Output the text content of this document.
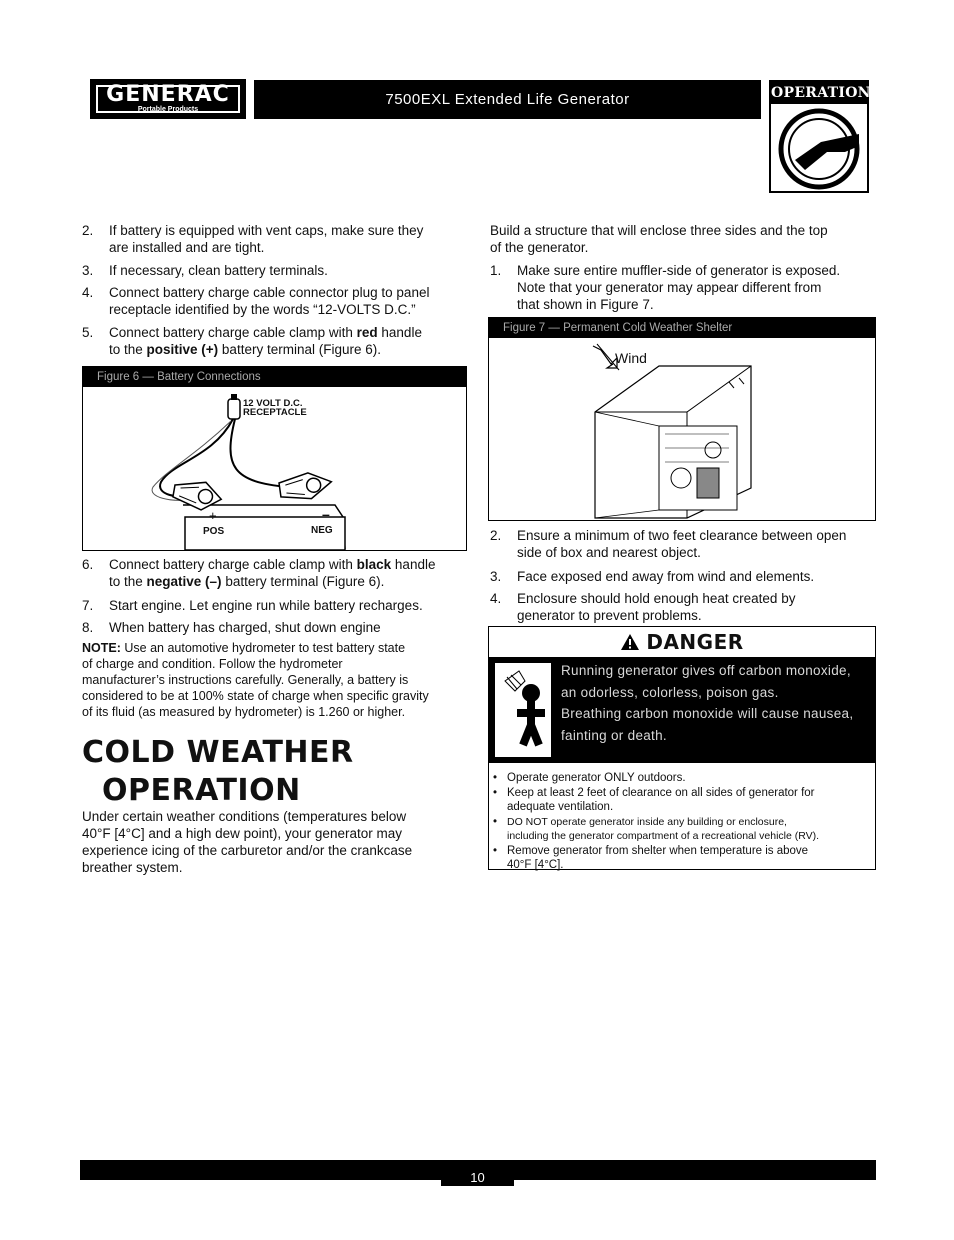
GENERAC
Portable Products
7500EXL Extended Life Generator	OPERATION
2. If battery is equipped with vent caps, make sure they
are installed and are tight.
3. If necessary, clean battery terminals.
4. Connect battery charge cable connector plug to panel
receptacle identified by the words “12-VOLTS D.C.”
5. Connect battery charge cable clamp with red handle
to the positive (+) battery terminal (Figure 6).
Figure 6 — Battery Connections
12 VOLT D.C.
RECEPTACLE
+	–
POS	NEG
6. Connect battery charge cable clamp with black handle
to the negative (–) battery terminal (Figure 6).
7. Start engine. Let engine run while battery recharges.
8. When battery has charged, shut down engine
NOTE: Use an automotive hydrometer to test battery state
of charge and condition. Follow the hydrometer
manufacturer’s instructions carefully. Generally, a battery is
considered to be at 100% state of charge when specific gravity
of its fluid (as measured by hydrometer) is 1.260 or higher.
COLD WEATHER
OPERATION
Under certain weather conditions (temperatures below
40°F [4°C] and a high dew point), your generator may
experience icing of the carburetor and/or the crankcase
breather system.
Build a structure that will enclose three sides and the top
of the generator.
1. Make sure entire muffler-side of generator is exposed.
Note that your generator may appear different from
that shown in Figure 7.
Figure 7 — Permanent Cold Weather Shelter
Wind
2. Ensure a minimum of two feet clearance between open
side of box and nearest object.
3. Face exposed end away from wind and elements.
4. Enclosure should hold enough heat created by
generator to prevent problems.
DANGER
Running generator gives off carbon monoxide,
an odorless, colorless, poison gas.
Breathing carbon monoxide will cause nausea,
fainting or death.
• Operate generator ONLY outdoors.
• Keep at least 2 feet of clearance on all sides of generator for
adequate ventilation.
• DO NOT operate generator inside any building or enclosure,
including the generator compartment of a recreational vehicle (RV).
• Remove generator from shelter when temperature is above
40°F [4°C].
10
